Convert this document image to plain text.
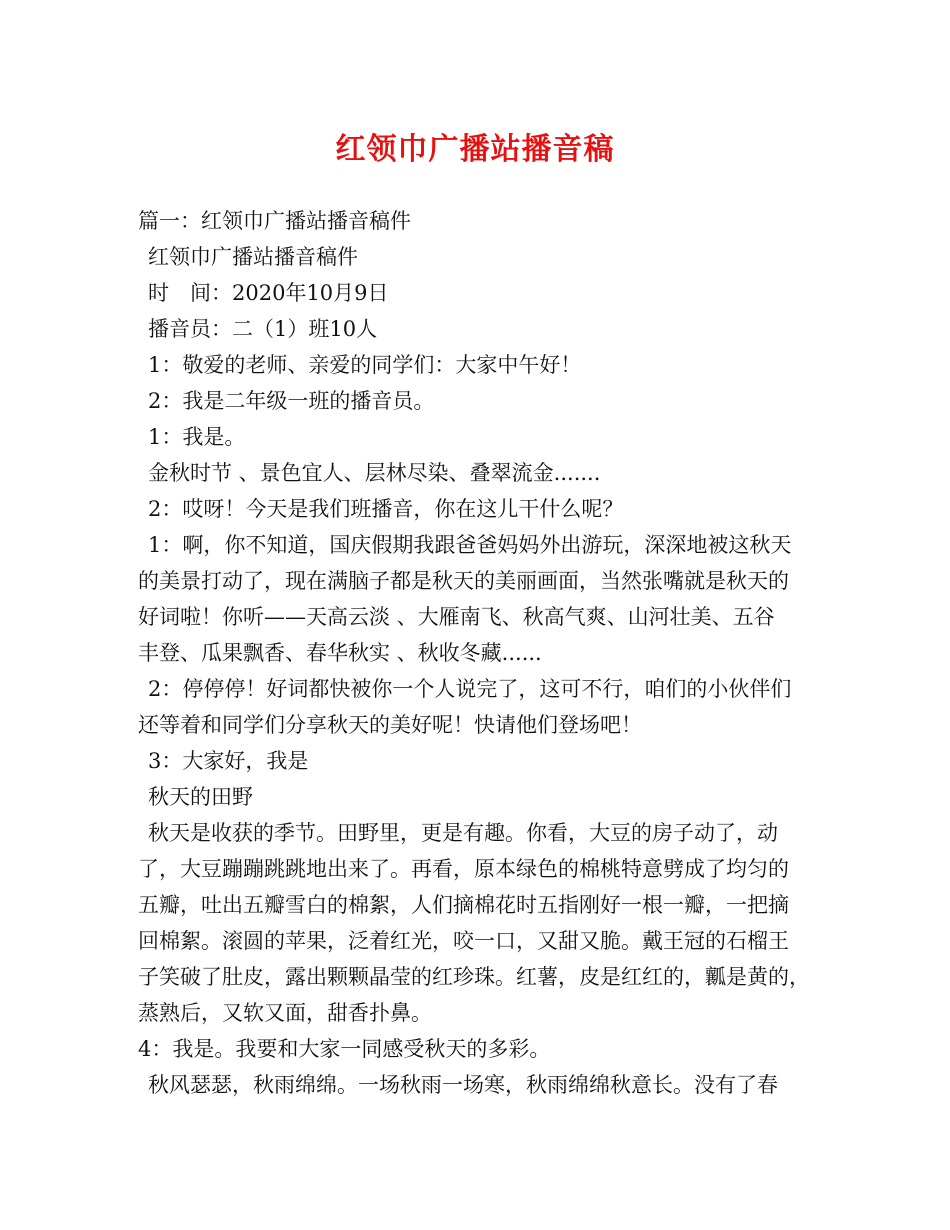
红领巾广播站播音稿
篇一：红领巾广播站播音稿件
红领巾广播站播音稿件
时　间：2020年10月9日
播音员：二（1）班10人
1：敬爱的老师、亲爱的同学们：大家中午好！
2：我是二年级一班的播音员。
1：我是。
金秋时节 、景色宜人、层林尽染、叠翠流金.......
2：哎呀！今天是我们班播音，你在这儿干什么呢？
1：啊，你不知道，国庆假期我跟爸爸妈妈外出游玩，深深地被这秋天
的美景打动了，现在满脑子都是秋天的美丽画面，当然张嘴就是秋天的
好词啦！你听——天高云淡 、大雁南飞、秋高气爽、山河壮美、五谷
丰登、瓜果飘香、春华秋实 、秋收冬藏......
2：停停停！好词都快被你一个人说完了，这可不行，咱们的小伙伴们
还等着和同学们分享秋天的美好呢！快请他们登场吧！
3：大家好，我是
秋天的田野
秋天是收获的季节。田野里，更是有趣。你看，大豆的房子动了，动
了，大豆蹦蹦跳跳地出来了。再看，原本绿色的棉桃特意劈成了均匀的
五瓣，吐出五瓣雪白的棉絮，人们摘棉花时五指刚好一根一瓣，一把摘
回棉絮。滚圆的苹果，泛着红光，咬一口，又甜又脆。戴王冠的石榴王
子笑破了肚皮，露出颗颗晶莹的红珍珠。红薯，皮是红红的，瓤是黄的，
蒸熟后，又软又面，甜香扑鼻。
4：我是。我要和大家一同感受秋天的多彩。
秋风瑟瑟，秋雨绵绵。一场秋雨一场寒，秋雨绵绵秋意长。没有了春
